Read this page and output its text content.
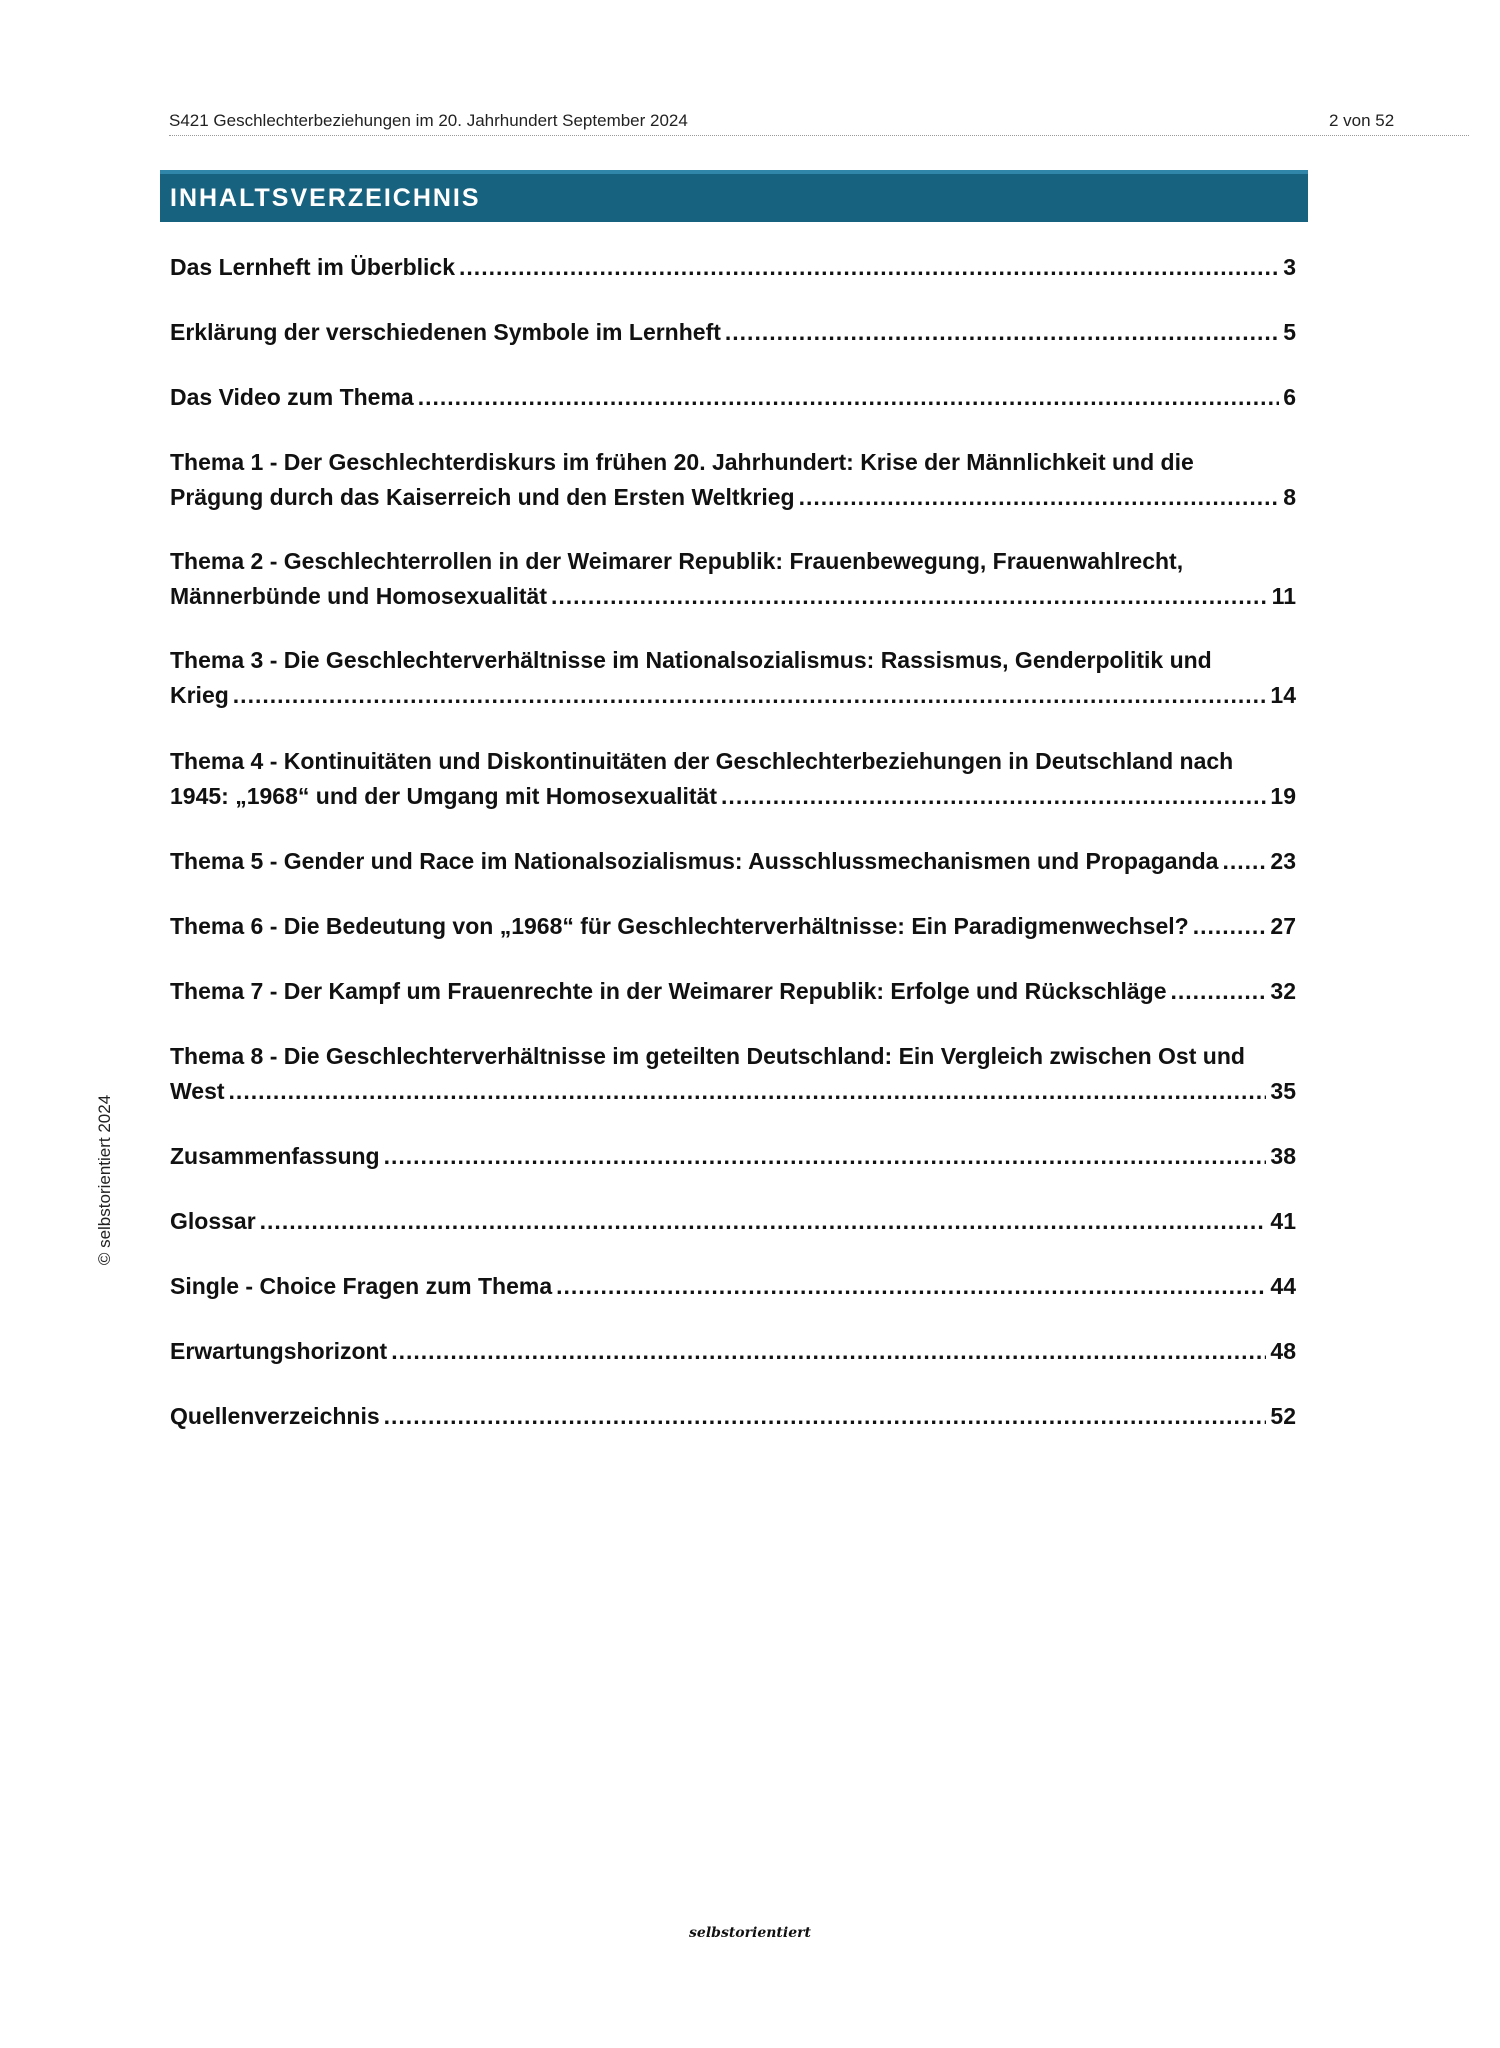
S421 Geschlechterbeziehungen im 20. Jahrhundert September 2024	2 von 52
INHALTSVERZEICHNIS
Das Lernheft im Überblick .....	3
Erklärung der verschiedenen Symbole im Lernheft .....	5
Das Video zum Thema .....	6
Thema 1 - Der Geschlechterdiskurs im frühen 20. Jahrhundert: Krise der Männlichkeit und die
Prägung durch das Kaiserreich und den Ersten Weltkrieg .....	8
Thema 2 - Geschlechterrollen in der Weimarer Republik: Frauenbewegung, Frauenwahlrecht,
Männerbünde und Homosexualität .....	11
Thema 3 - Die Geschlechterverhältnisse im Nationalsozialismus: Rassismus, Genderpolitik und
Krieg .....	14
Thema 4 - Kontinuitäten und Diskontinuitäten der Geschlechterbeziehungen in Deutschland nach
1945: „1968“ und der Umgang mit Homosexualität .....	19
Thema 5 - Gender und Race im Nationalsozialismus: Ausschlussmechanismen und Propaganda ..... 23
Thema 6 - Die Bedeutung von „1968“ für Geschlechterverhältnisse: Ein Paradigmenwechsel? .....	27
Thema 7 - Der Kampf um Frauenrechte in der Weimarer Republik: Erfolge und Rückschläge .....	32
Thema 8 - Die Geschlechterverhältnisse im geteilten Deutschland: Ein Vergleich zwischen Ost und
West .....	35
Zusammenfassung .....	38
Glossar .....	41
Single - Choice Fragen zum Thema .....	44
Erwartungshorizont .....	48
Quellenverzeichnis .....	52
© selbstorientiert 2024
selbstorientiert
